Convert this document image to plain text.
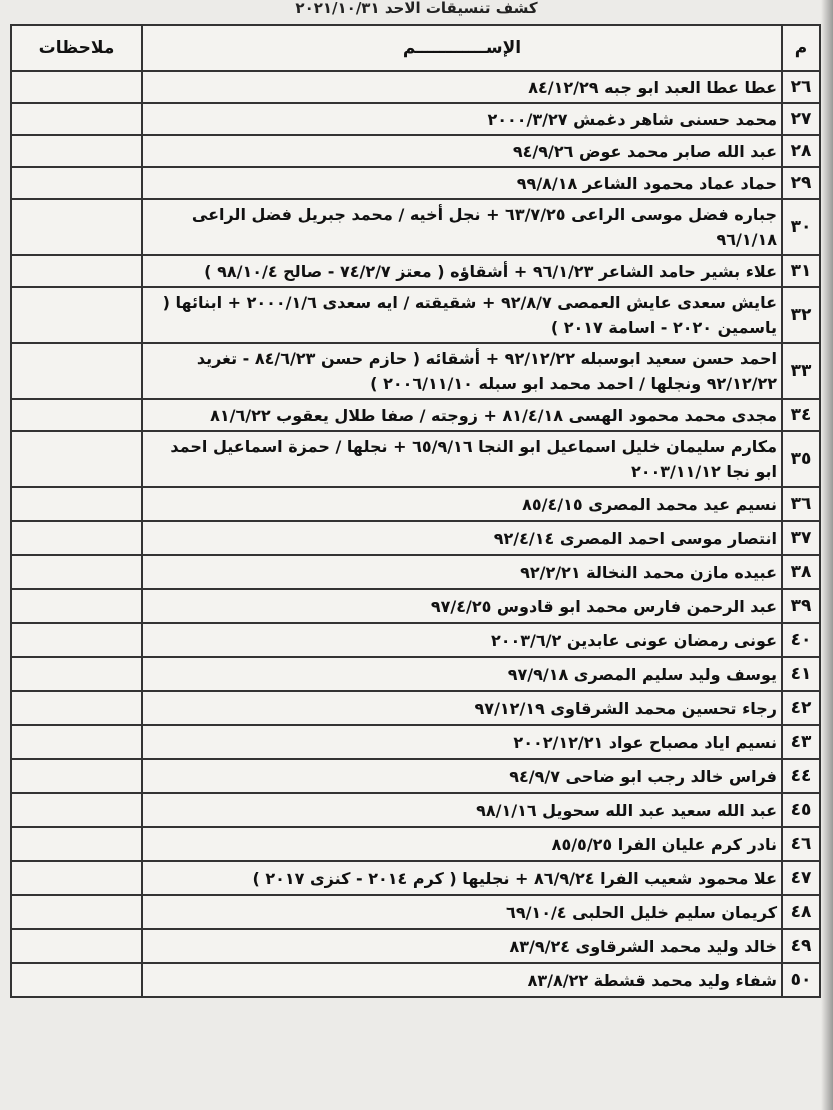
كشف تنسيقات الاحد ٢٠٢١/١٠/٣١
م	الإســــــــــــم	ملاحظات
٢٦	عطا عطا العبد ابو جبه ٨٤/١٢/٢٩	
٢٧	محمد حسنى شاهر دغمش ٢٠٠٠/٣/٢٧	
٢٨	عبد الله صابر محمد عوض ٩٤/٩/٢٦	
٢٩	حماد عماد محمود الشاعر ٩٩/٨/١٨	
٣٠	جباره فضل موسى الراعى ٦٣/٧/٢٥ + نجل أخيه / محمد جبريل فضل الراعى ٩٦/١/١٨	
٣١	علاء بشير حامد الشاعر ٩٦/١/٢٣ + أشقاؤه ( معتز ٧٤/٢/٧ - صالح ٩٨/١٠/٤ )	
٣٢	عايش سعدى عايش العمصى ٩٢/٨/٧ + شقيقته / ايه سعدى ٢٠٠٠/١/٦ + ابنائها ( ياسمين ٢٠٢٠ - اسامة ٢٠١٧ )	
٣٣	احمد حسن سعيد ابوسبله ٩٢/١٢/٢٢ + أشقائه ( حازم حسن ٨٤/٦/٢٣ - تغريد ٩٢/١٢/٢٢ ونجلها / احمد محمد ابو سبله ٢٠٠٦/١١/١٠ )	
٣٤	مجدى محمد محمود الهسى ٨١/٤/١٨ + زوجته / صفا طلال يعقوب ٨١/٦/٢٢	
٣٥	مكارم سليمان خليل اسماعيل ابو النجا ٦٥/٩/١٦ + نجلها / حمزة اسماعيل احمد ابو نجا ٢٠٠٣/١١/١٢	
٣٦	نسيم عيد محمد المصرى ٨٥/٤/١٥	
٣٧	انتصار موسى احمد المصرى ٩٢/٤/١٤	
٣٨	عبيده مازن محمد النخالة ٩٢/٢/٢١	
٣٩	عبد الرحمن فارس محمد ابو قادوس ٩٧/٤/٢٥	
٤٠	عونى رمضان عونى عابدين ٢٠٠٣/٦/٢	
٤١	يوسف وليد سليم المصرى ٩٧/٩/١٨	
٤٢	رجاء تحسين محمد الشرقاوى ٩٧/١٢/١٩	
٤٣	نسيم اياد مصباح عواد ٢٠٠٢/١٢/٢١	
٤٤	فراس خالد رجب ابو ضاحى ٩٤/٩/٧	
٤٥	عبد الله سعيد عبد الله سحويل ٩٨/١/١٦	
٤٦	نادر كرم عليان الفرا ٨٥/٥/٢٥	
٤٧	علا محمود شعيب الفرا ٨٦/٩/٢٤ + نجليها ( كرم ٢٠١٤ - كنزى ٢٠١٧ )	
٤٨	كريمان سليم خليل الحلبى ٦٩/١٠/٤	
٤٩	خالد وليد محمد الشرقاوى ٨٣/٩/٢٤	
٥٠	شفاء وليد محمد قشطة ٨٣/٨/٢٢	
